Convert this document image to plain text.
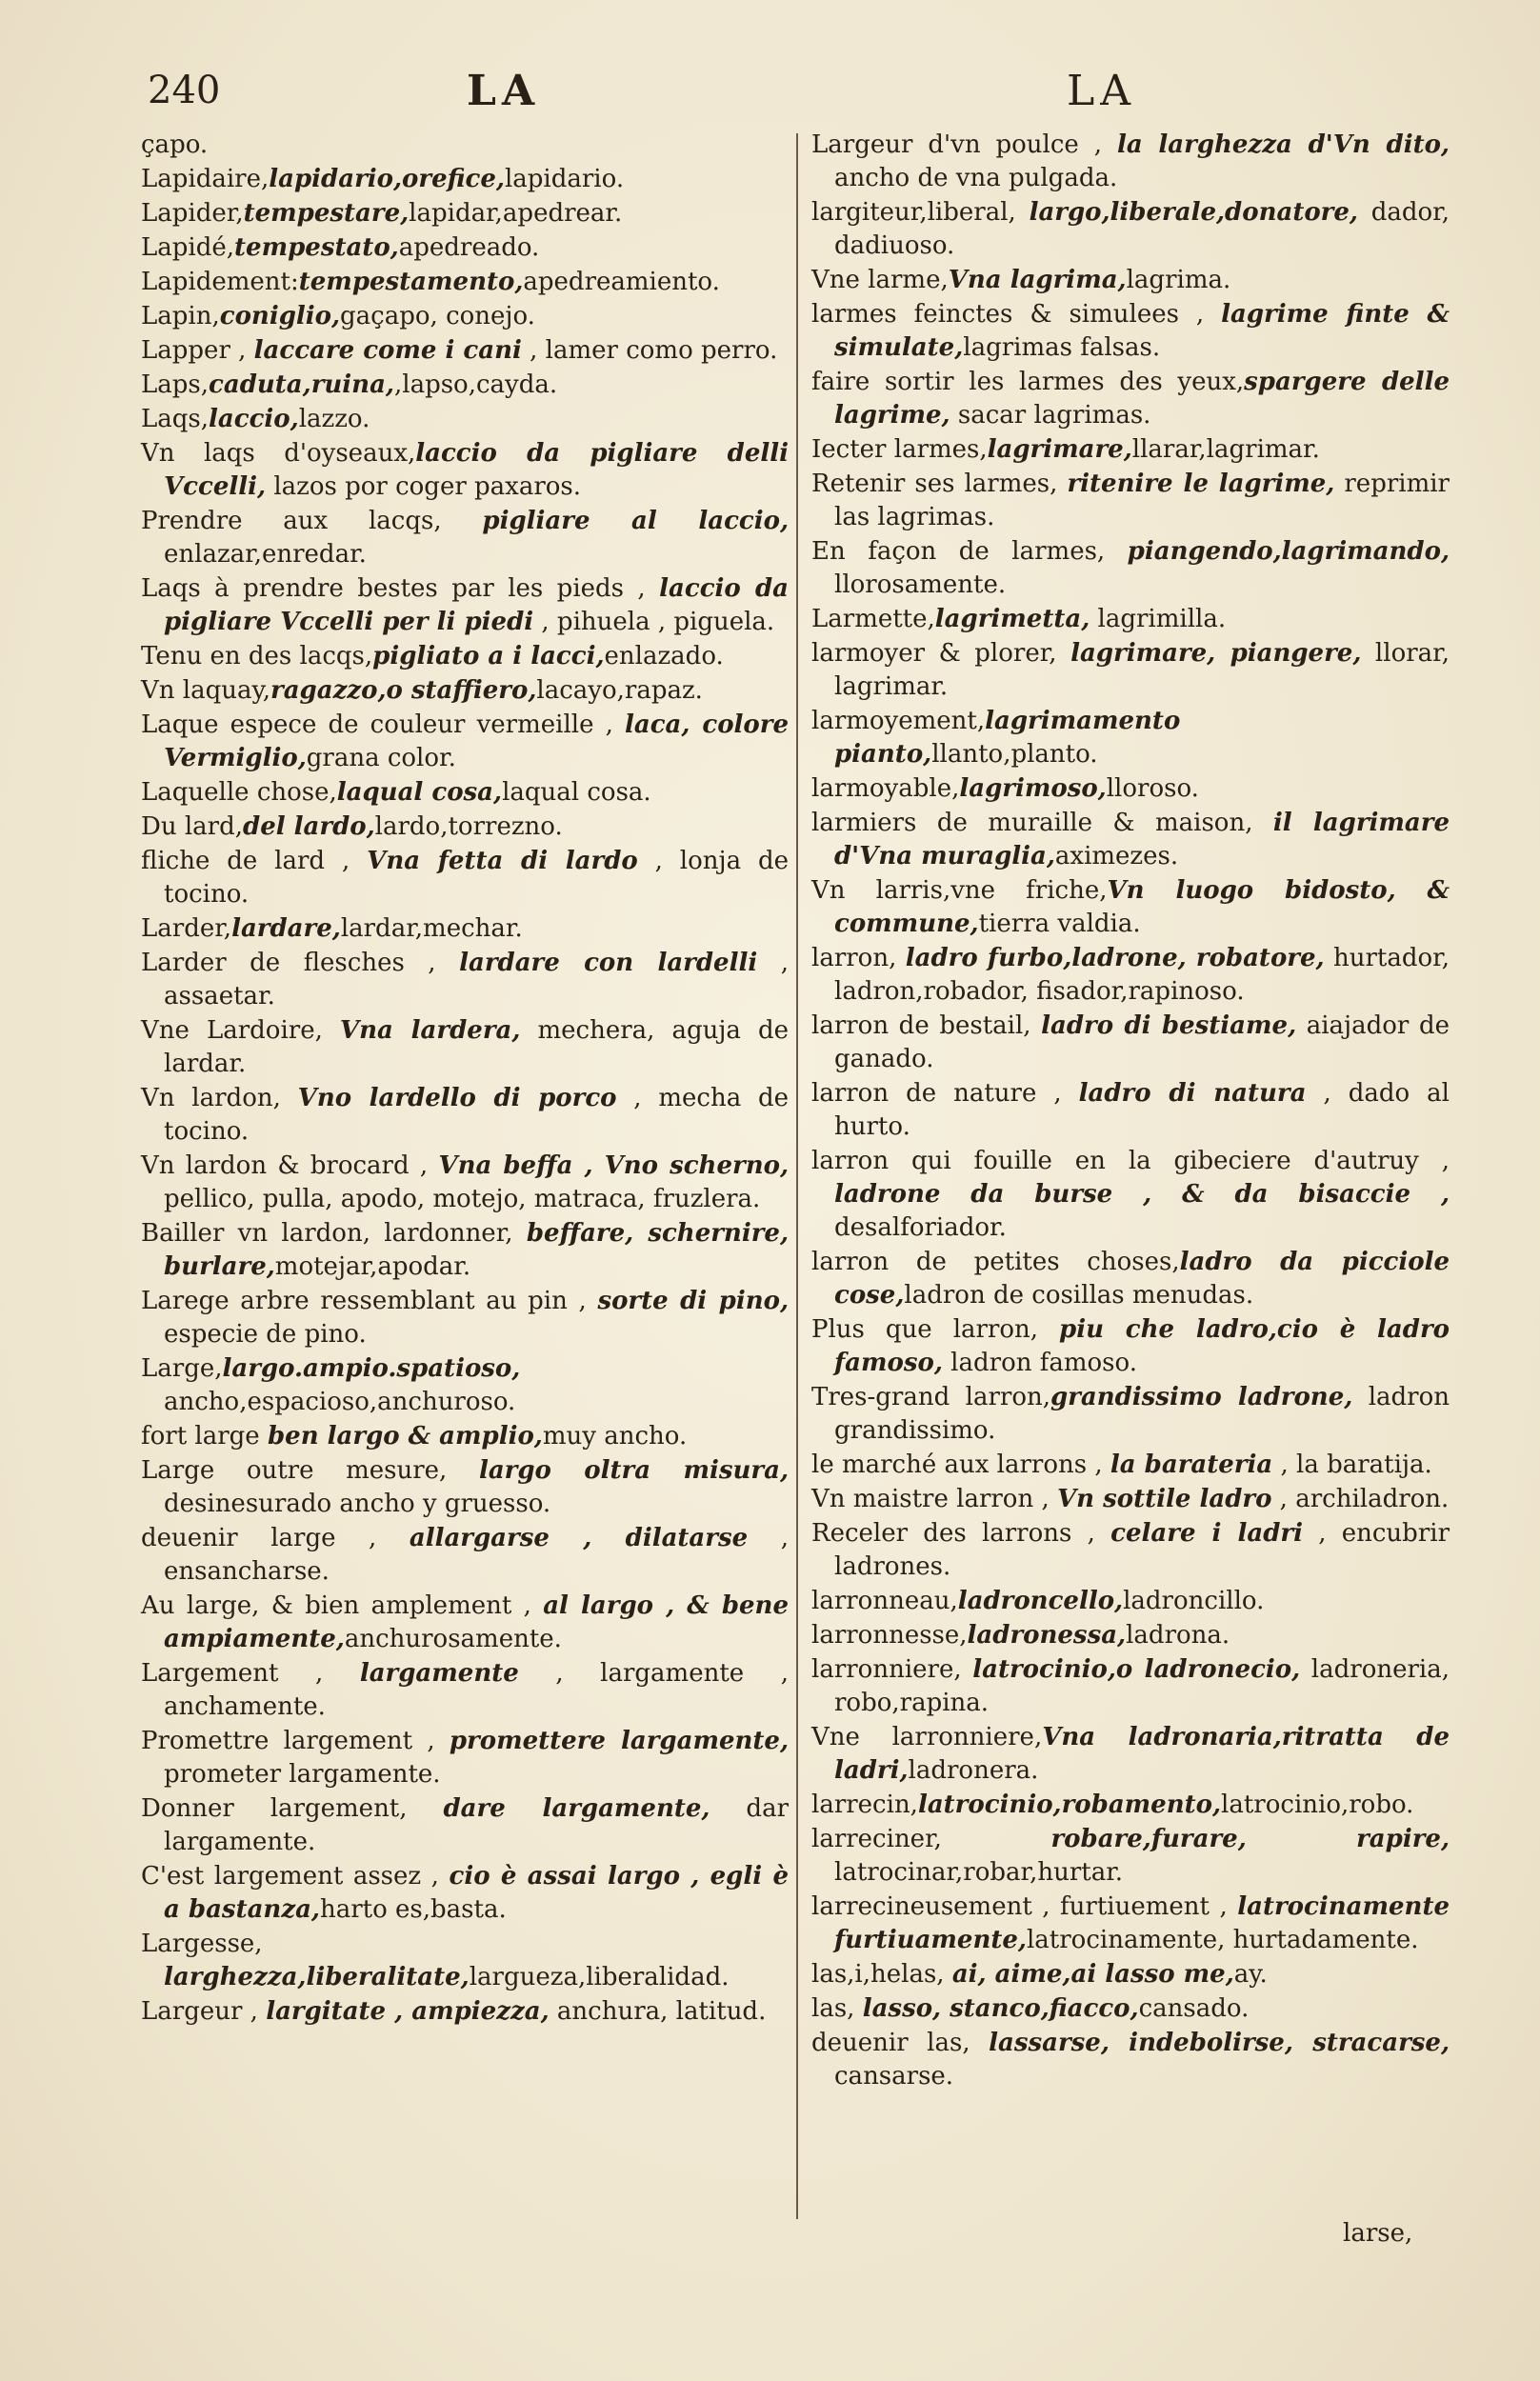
240	LA	LA
çapo.
Lapidaire,lapidario,orefice,lapidario.
Lapider,tempestare,lapidar,apedrear.
Lapidé,tempestato,apedreado.
Lapidement:tempestamento,apedreamiento.
Lapin,coniglio,gaçapo, conejo.
Lapper , laccare come i cani , lamer como perro.
Laps,caduta,ruina,,lapso,cayda.
Laqs,laccio,lazzo.
Vn laqs d'oyseaux,laccio da pigliare delli Vccelli, lazos por coger paxaros.
Prendre aux lacqs, pigliare al laccio, enlazar,enredar.
Laqs à prendre bestes par les pieds , laccio da pigliare Vccelli per li piedi , pihuela , piguela.
Tenu en des lacqs,pigliato a i lacci,enlazado.
Vn laquay,ragazzo,o staffiero,lacayo,rapaz.
Laque espece de couleur vermeille , laca, colore Vermiglio,grana color.
Laquelle chose,laqual cosa,laqual cosa.
Du lard,del lardo,lardo,torrezno.
fliche de lard , Vna fetta di lardo , lonja de tocino.
Larder,lardare,lardar,mechar.
Larder de flesches , lardare con lardelli , assaetar.
Vne Lardoire, Vna lardera, mechera, aguja de lardar.
Vn lardon, Vno lardello di porco , mecha de tocino.
Vn lardon & brocard , Vna beffa , Vno scherno, pellico, pulla, apodo, motejo, matraca, fruzlera.
Bailler vn lardon, lardonner, beffare, schernire, burlare,motejar,apodar.
Larege arbre ressemblant au pin , sorte di pino, especie de pino.
Large,largo.ampio.spatioso, ancho,espacioso,anchuroso.
fort large ben largo & amplio,muy ancho.
Large outre mesure, largo oltra misura, desinesurado ancho y gruesso.
deuenir large , allargarse , dilatarse , ensancharse.
Au large, & bien amplement , al largo , & bene ampiamente,anchurosamente.
Largement , largamente , largamente , anchamente.
Promettre largement , promettere largamente, prometer largamente.
Donner largement, dare largamente, dar largamente.
C'est largement assez , cio è assai largo , egli è a bastanza,harto es,basta.
Largesse, larghezza,liberalitate,largueza,liberalidad.
Largeur , largitate , ampiezza, anchura, latitud.
Largeur d'vn poulce , la larghezza d'Vn dito, ancho de vna pulgada.
largiteur,liberal, largo,liberale,donatore, dador, dadiuoso.
Vne larme,Vna lagrima,lagrima.
larmes feinctes & simulees , lagrime finte & simulate,lagrimas falsas.
faire sortir les larmes des yeux,spargere delle lagrime, sacar lagrimas.
Iecter larmes,lagrimare,llarar,lagrimar.
Retenir ses larmes, ritenire le lagrime, reprimir las lagrimas.
En façon de larmes, piangendo,lagrimando, llorosamente.
Larmette,lagrimetta, lagrimilla.
larmoyer & plorer, lagrimare, piangere, llorar, lagrimar.
larmoyement,lagrimamento pianto,llanto,planto.
larmoyable,lagrimoso,lloroso.
larmiers de muraille & maison, il lagrimare d'Vna muraglia,aximezes.
Vn larris,vne friche,Vn luogo bidosto, & commune,tierra valdia.
larron, ladro furbo,ladrone, robatore, hurtador, ladron,robador, fisador,rapinoso.
larron de bestail, ladro di bestiame, aiajador de ganado.
larron de nature , ladro di natura , dado al hurto.
larron qui fouille en la gibeciere d'autruy , ladrone da burse , & da bisaccie , desalforiador.
larron de petites choses,ladro da picciole cose,ladron de cosillas menudas.
Plus que larron, piu che ladro,cio è ladro famoso, ladron famoso.
Tres-grand larron,grandissimo ladrone, ladron grandissimo.
le marché aux larrons , la barateria , la baratija.
Vn maistre larron , Vn sottile ladro , archiladron.
Receler des larrons , celare i ladri , encubrir ladrones.
larronneau,ladroncello,ladroncillo.
larronnesse,ladronessa,ladrona.
larronniere, latrocinio,o ladronecio, ladroneria, robo,rapina.
Vne larronniere,Vna ladronaria,ritratta de ladri,ladronera.
larrecin,latrocinio,robamento,latrocinio,robo.
larreciner, robare,furare, rapire, latrocinar,robar,hurtar.
larrecineusement , furtiuement , latrocinamente furtiuamente,latrocinamente, hurtadamente.
las,i,helas, ai, aime,ai lasso me,ay.
las, lasso, stanco,fiacco,cansado.
deuenir las, lassarse, indebolirse, stracarse, cansarse.
larse,
